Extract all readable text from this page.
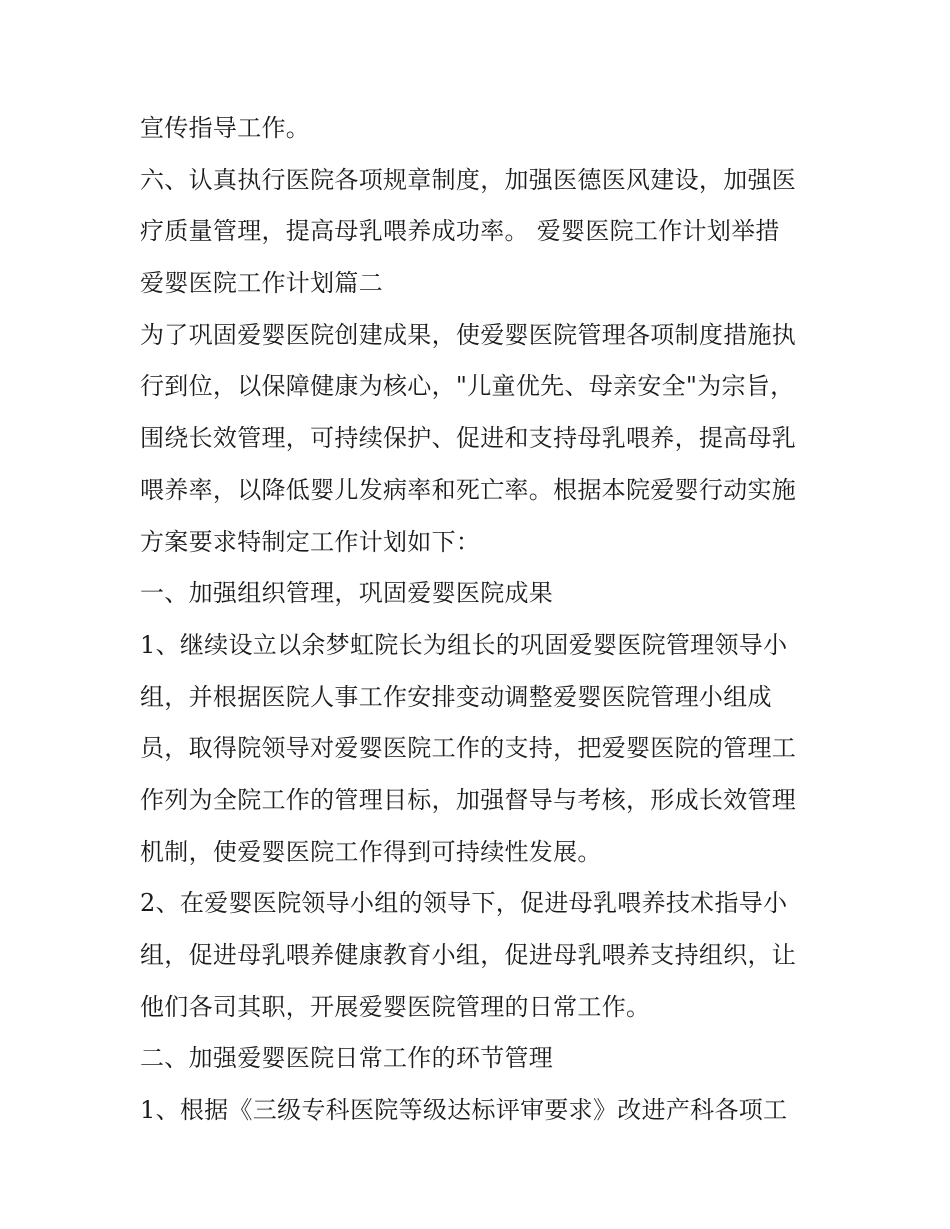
宣传指导工作。
六、认真执行医院各项规章制度，加强医德医风建设，加强医
疗质量管理，提高母乳喂养成功率。 爱婴医院工作计划举措
爱婴医院工作计划篇二
为了巩固爱婴医院创建成果，使爱婴医院管理各项制度措施执
行到位，以保障健康为核心，"儿童优先、母亲安全"为宗旨，
围绕长效管理，可持续保护、促进和支持母乳喂养，提高母乳
喂养率，以降低婴儿发病率和死亡率。根据本院爱婴行动实施
方案要求特制定工作计划如下：
一、加强组织管理，巩固爱婴医院成果
1、继续设立以余梦虹院长为组长的巩固爱婴医院管理领导小
组，并根据医院人事工作安排变动调整爱婴医院管理小组成
员，取得院领导对爱婴医院工作的支持，把爱婴医院的管理工
作列为全院工作的管理目标，加强督导与考核，形成长效管理
机制，使爱婴医院工作得到可持续性发展。
2、在爱婴医院领导小组的领导下，促进母乳喂养技术指导小
组，促进母乳喂养健康教育小组，促进母乳喂养支持组织，让
他们各司其职，开展爱婴医院管理的日常工作。
二、加强爱婴医院日常工作的环节管理
1、根据《三级专科医院等级达标评审要求》改进产科各项工
